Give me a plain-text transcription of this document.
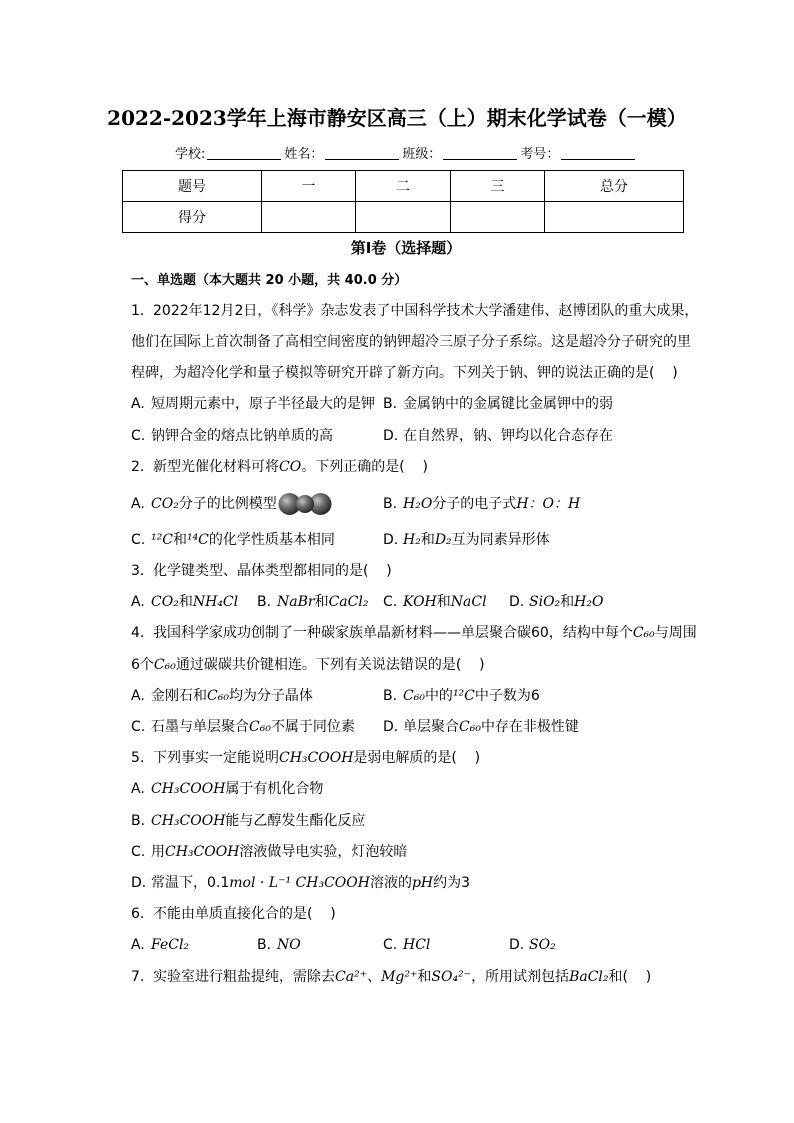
2022-2023学年上海市静安区高三（上）期末化学试卷（一模）
学校:	姓名：	班级：	考号：
题号	一	二	三	总分
得分				
第I卷（选择题）
一、单选题（本大题共 20 小题，共 40.0 分）
1. 2022年12月2日，《科学》杂志发表了中国科学技术大学潘建伟、赵博团队的重大成果，
他们在国际上首次制备了高相空间密度的钠钾超冷三原子分子系综。这是超冷分子研究的里
程碑，为超冷化学和量子模拟等研究开辟了新方向。下列关于钠、钾的说法正确的是(    )
A. 短周期元素中，原子半径最大的是钾 B. 金属钠中的金属键比金属钾中的弱
C. 钠钾合金的熔点比钠单质的高	D. 在自然界，钠、钾均以化合态存在
2. 新型光催化材料可将CO。下列正确的是(    )
A. CO₂分子的比例模型	B. H₂O分子的电子式H：O：H
C. ¹²C和¹⁴C的化学性质基本相同	D. H₂和D₂互为同素异形体
3. 化学键类型、晶体类型都相同的是(    )
A. CO₂和NH₄Cl	B. NaBr和CaCl₂	C. KOH和NaCl	D. SiO₂和H₂O
4. 我国科学家成功创制了一种碳家族单晶新材料——单层聚合碳60，结构中每个C₆₀与周围
6个C₆₀通过碳碳共价键相连。下列有关说法错误的是(    )
A. 金刚石和C₆₀均为分子晶体	B. C₆₀中的¹²C中子数为6
C. 石墨与单层聚合C₆₀不属于同位素	D. 单层聚合C₆₀中存在非极性键
5. 下列事实一定能说明CH₃COOH是弱电解质的是(    )
A. CH₃COOH属于有机化合物
B. CH₃COOH能与乙醇发生酯化反应
C. 用CH₃COOH溶液做导电实验，灯泡较暗
D. 常温下，0.1mol · L⁻¹ CH₃COOH溶液的pH约为3
6. 不能由单质直接化合的是(    )
A. FeCl₂	B. NO	C. HCl	D. SO₂
7. 实验室进行粗盐提纯，需除去Ca²⁺、Mg²⁺和SO₄²⁻，所用试剂包括BaCl₂和(    )
